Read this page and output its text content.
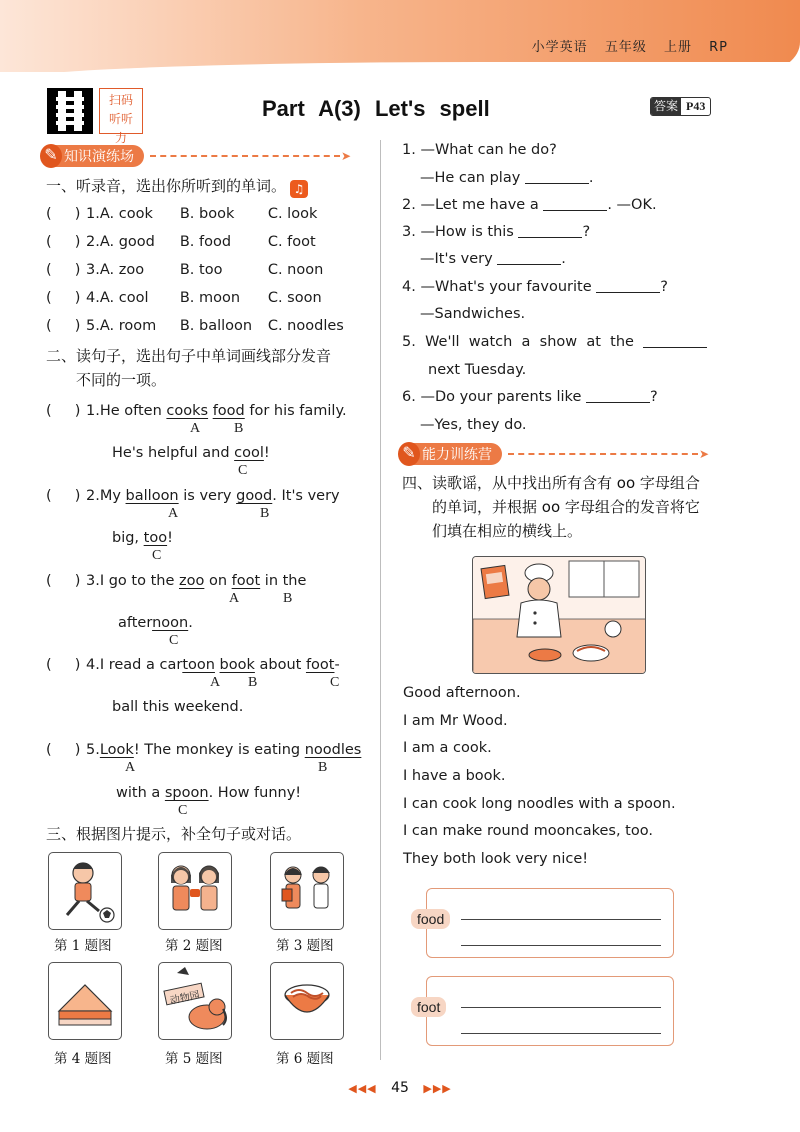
小学英语 五年级 上册 RP
扫码
听听力
Part A(3) Let's spell	答案 P43
✎ 知识演练场	➤
一、听录音，选出你所听到的单词。 ♫
(     ) 1.A. cook B. book C. look
(     ) 2.A. good B. food	C. foot
(     ) 3.A. zoo B. too	C. noon
(     ) 4.A. cool B. moon C. soon
(     ) 5.A. room B. balloon C. noodles
二、读句子，选出句子中单词画线部分发音
不同的一项。
(     ) 1.He often cooks food for his family.
A B
He's helpful and cool!
C
(     ) 2.My balloon is very good. It's very
A	B
big, too!
C
(     ) 3.I go to the zoo on foot in the
A	B
afternoon.
C
(     ) 4.I read a cartoon book about foot-
A B	C
ball this weekend.
(     ) 5.Look! The monkey is eating noodles
A	B
with a spoon. How funny!
C
三、根据图片提示，补全句子或对话。
动物园
第 1 题图	第 2 题图	第 3 题图
第 4 题图	第 5 题图	第 6 题图
1. —What can he do?
—He can play	.
2. —Let me have a	. —OK.
3. —How is this	?
—It's very	.
4. —What's your favourite	?
—Sandwiches.
5. We'll  watch  a  show  at  the
next Tuesday.
6. —Do your parents like	?
—Yes, they do.
✎ 能力训练营	➤
四、读歌谣，从中找出所有含有 oo 字母组合
的单词，并根据 oo 字母组合的发音将它
们填在相应的横线上。
Good afternoon.
I am Mr Wood.
I am a cook.
I have a book.
I can cook long noodles with a spoon.
I can make round mooncakes, too.
They both look very nice!
food
foot
◀◀◀ 45 ▶▶▶
